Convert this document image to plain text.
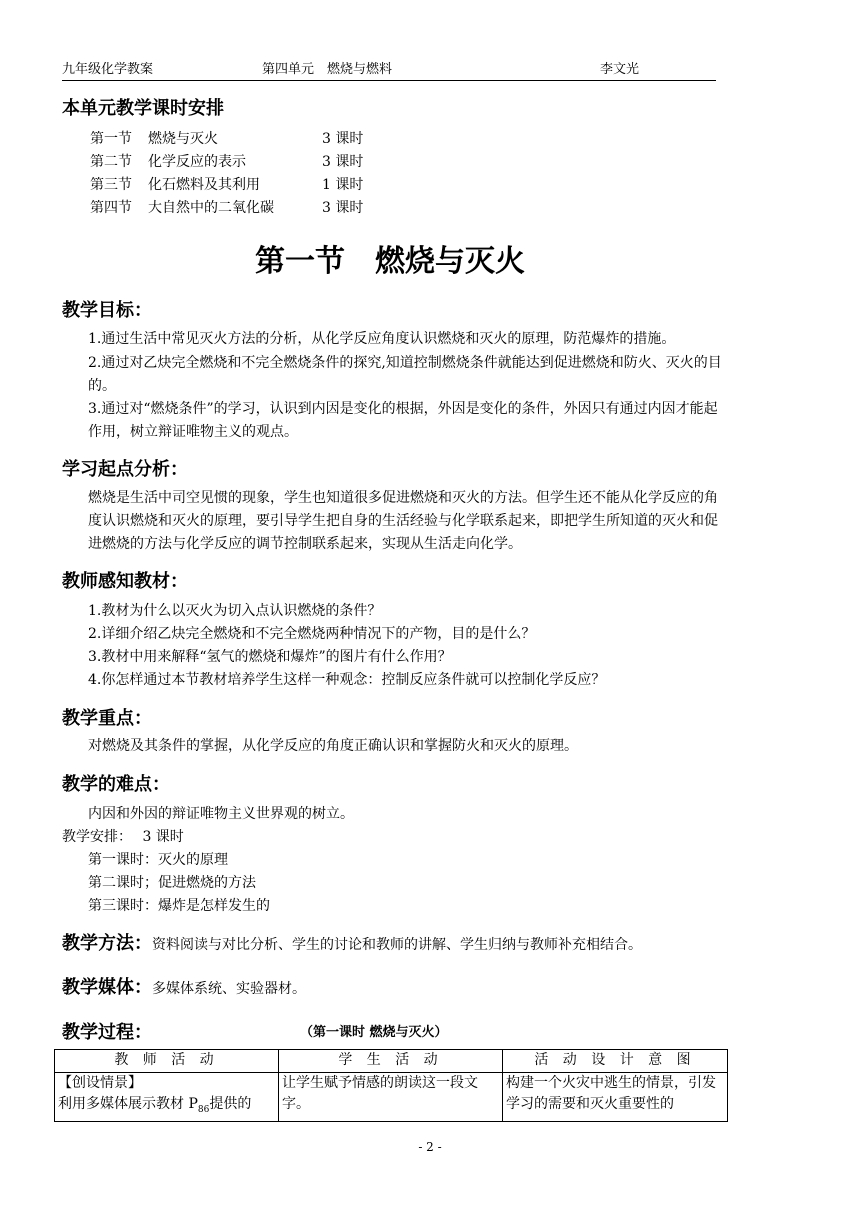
九年级化学教案	第四单元　燃烧与燃料	李文光
本单元教学课时安排
第一节 燃烧与灭火	3 课时
第二节 化学反应的表示	3 课时
第三节 化石燃料及其利用	1 课时
第四节 大自然中的二氧化碳	3 课时
第一节　燃烧与灭火
教学目标：
1.通过生活中常见灭火方法的分析，从化学反应角度认识燃烧和灭火的原理，防范爆炸的措施。
2.通过对乙炔完全燃烧和不完全燃烧条件的探究,知道控制燃烧条件就能达到促进燃烧和防火、灭火的目的。
3.通过对“燃烧条件”的学习，认识到内因是变化的根据，外因是变化的条件，外因只有通过内因才能起作用，树立辩证唯物主义的观点。
学习起点分析：
燃烧是生活中司空见惯的现象，学生也知道很多促进燃烧和灭火的方法。但学生还不能从化学反应的角度认识燃烧和灭火的原理，要引导学生把自身的生活经验与化学联系起来，即把学生所知道的灭火和促进燃烧的方法与化学反应的调节控制联系起来，实现从生活走向化学。
教师感知教材：
1.教材为什么以灭火为切入点认识燃烧的条件？
2.详细介绍乙炔完全燃烧和不完全燃烧两种情况下的产物，目的是什么？
3.教材中用来解释“氢气的燃烧和爆炸”的图片有什么作用？
4.你怎样通过本节教材培养学生这样一种观念：控制反应条件就可以控制化学反应？
教学重点：
对燃烧及其条件的掌握，从化学反应的角度正确认识和掌握防火和灭火的原理。
教学的难点：
内因和外因的辩证唯物主义世界观的树立。
教学安排： 3 课时
第一课时：灭火的原理
第二课时；促进燃烧的方法
第三课时：爆炸是怎样发生的
教学方法：资料阅读与对比分析、学生的讨论和教师的讲解、学生归纳与教师补充相结合。
教学媒体：多媒体系统、实验器材。
教学过程：	（第一课时 燃烧与灭火）
教 师 活 动	学 生 活 动	活 动 设 计 意 图

【创设情景】
利用多媒体展示教材 $P_{86}$提供的	让学生赋予情感的朗读这一段文字。	构建一个火灾中逃生的情景，引发学习的需要和灭火重要性的
- 2 -
